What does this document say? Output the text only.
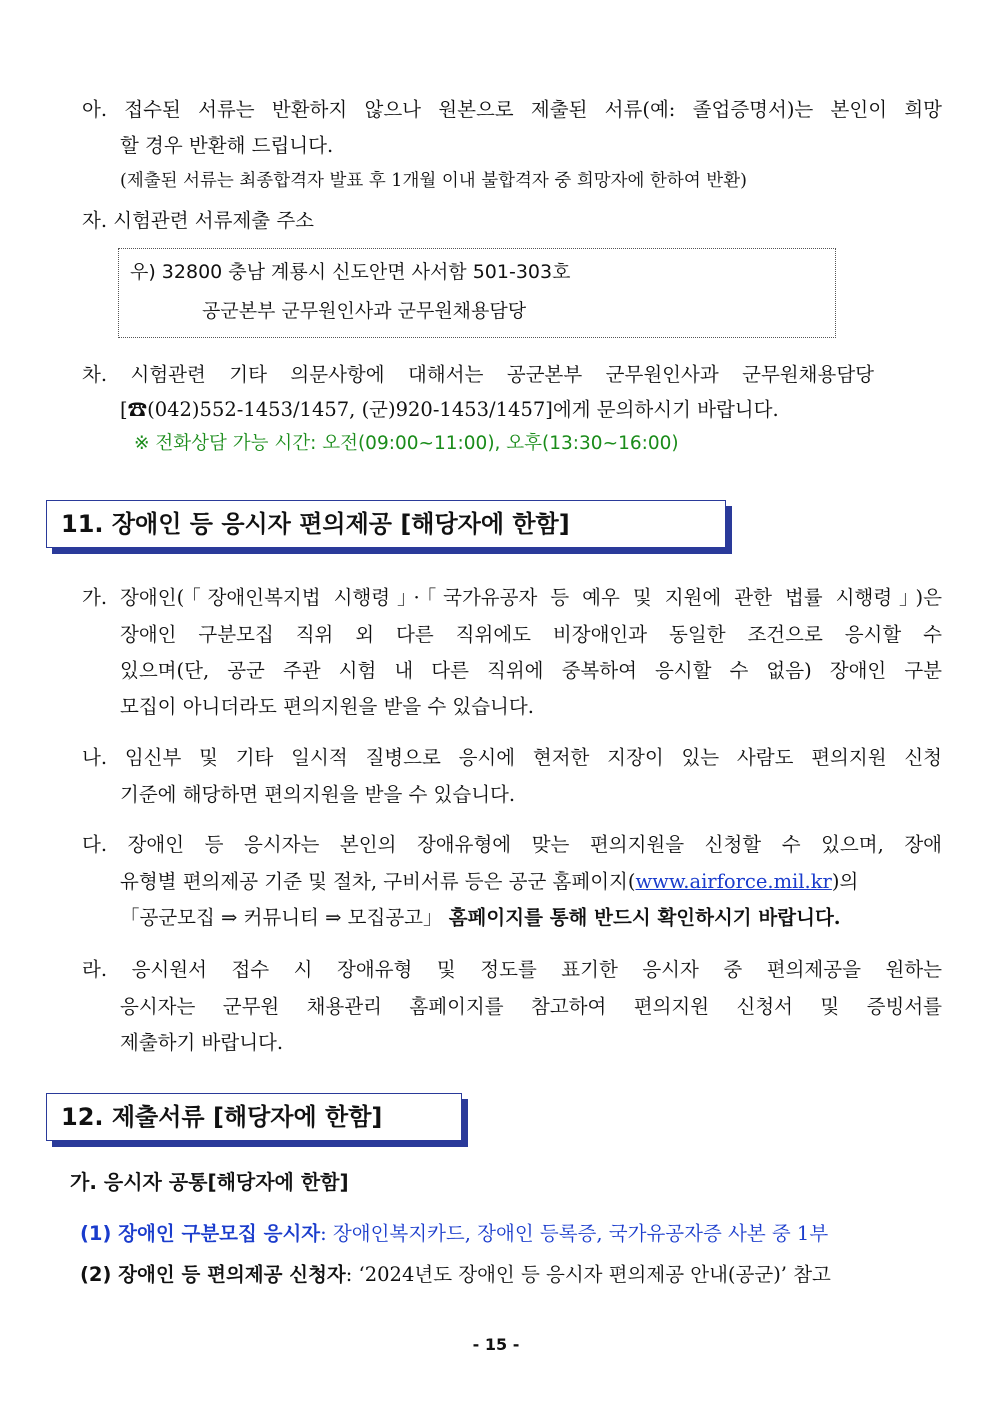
아. 접수된 서류는 반환하지 않으나 원본으로 제출된 서류(예: 졸업증명서)는 본인이 희망
할 경우 반환해 드립니다.
(제출된 서류는 최종합격자 발표 후 1개월 이내 불합격자 중 희망자에 한하여 반환)
자. 시험관련 서류제출 주소
우) 32800 충남 계룡시 신도안면 사서함 501-303호
공군본부 군무원인사과 군무원채용담당
차. 시험관련 기타 의문사항에 대해서는 공군본부 군무원인사과 군무원채용담당
[☎(042)552-1453/1457, (군)920-1453/1457]에게 문의하시기 바랍니다.
※ 전화상담 가능 시간: 오전(09:00~11:00), 오후(13:30~16:00)
11. 장애인 등 응시자 편의제공 [해당자에 한함]
가. 장애인(「장애인복지법 시행령」·「국가유공자 등 예우 및 지원에 관한 법률 시행령」)은
장애인 구분모집 직위 외 다른 직위에도 비장애인과 동일한 조건으로 응시할 수
있으며(단, 공군 주관 시험 내 다른 직위에 중복하여 응시할 수 없음) 장애인 구분
모집이 아니더라도 편의지원을 받을 수 있습니다.
나. 임신부 및 기타 일시적 질병으로 응시에 현저한 지장이 있는 사람도 편의지원 신청
기준에 해당하면 편의지원을 받을 수 있습니다.
다. 장애인 등 응시자는 본인의 장애유형에 맞는 편의지원을 신청할 수 있으며, 장애
유형별 편의제공 기준 및 절차, 구비서류 등은 공군 홈페이지(www.airforce.mil.kr)의
「공군모집 ⇒ 커뮤니티 ⇒ 모집공고」 홈페이지를 통해 반드시 확인하시기 바랍니다.
라. 응시원서 접수 시 장애유형 및 정도를 표기한 응시자 중 편의제공을 원하는
응시자는 군무원 채용관리 홈페이지를 참고하여 편의지원 신청서 및 증빙서를
제출하기 바랍니다.
12. 제출서류 [해당자에 한함]
가. 응시자 공통[해당자에 한함]
(1) 장애인 구분모집 응시자: 장애인복지카드, 장애인 등록증, 국가유공자증 사본 중 1부
(2) 장애인 등 편의제공 신청자: ‘2024년도 장애인 등 응시자 편의제공 안내(공군)’ 참고
- 15 -
